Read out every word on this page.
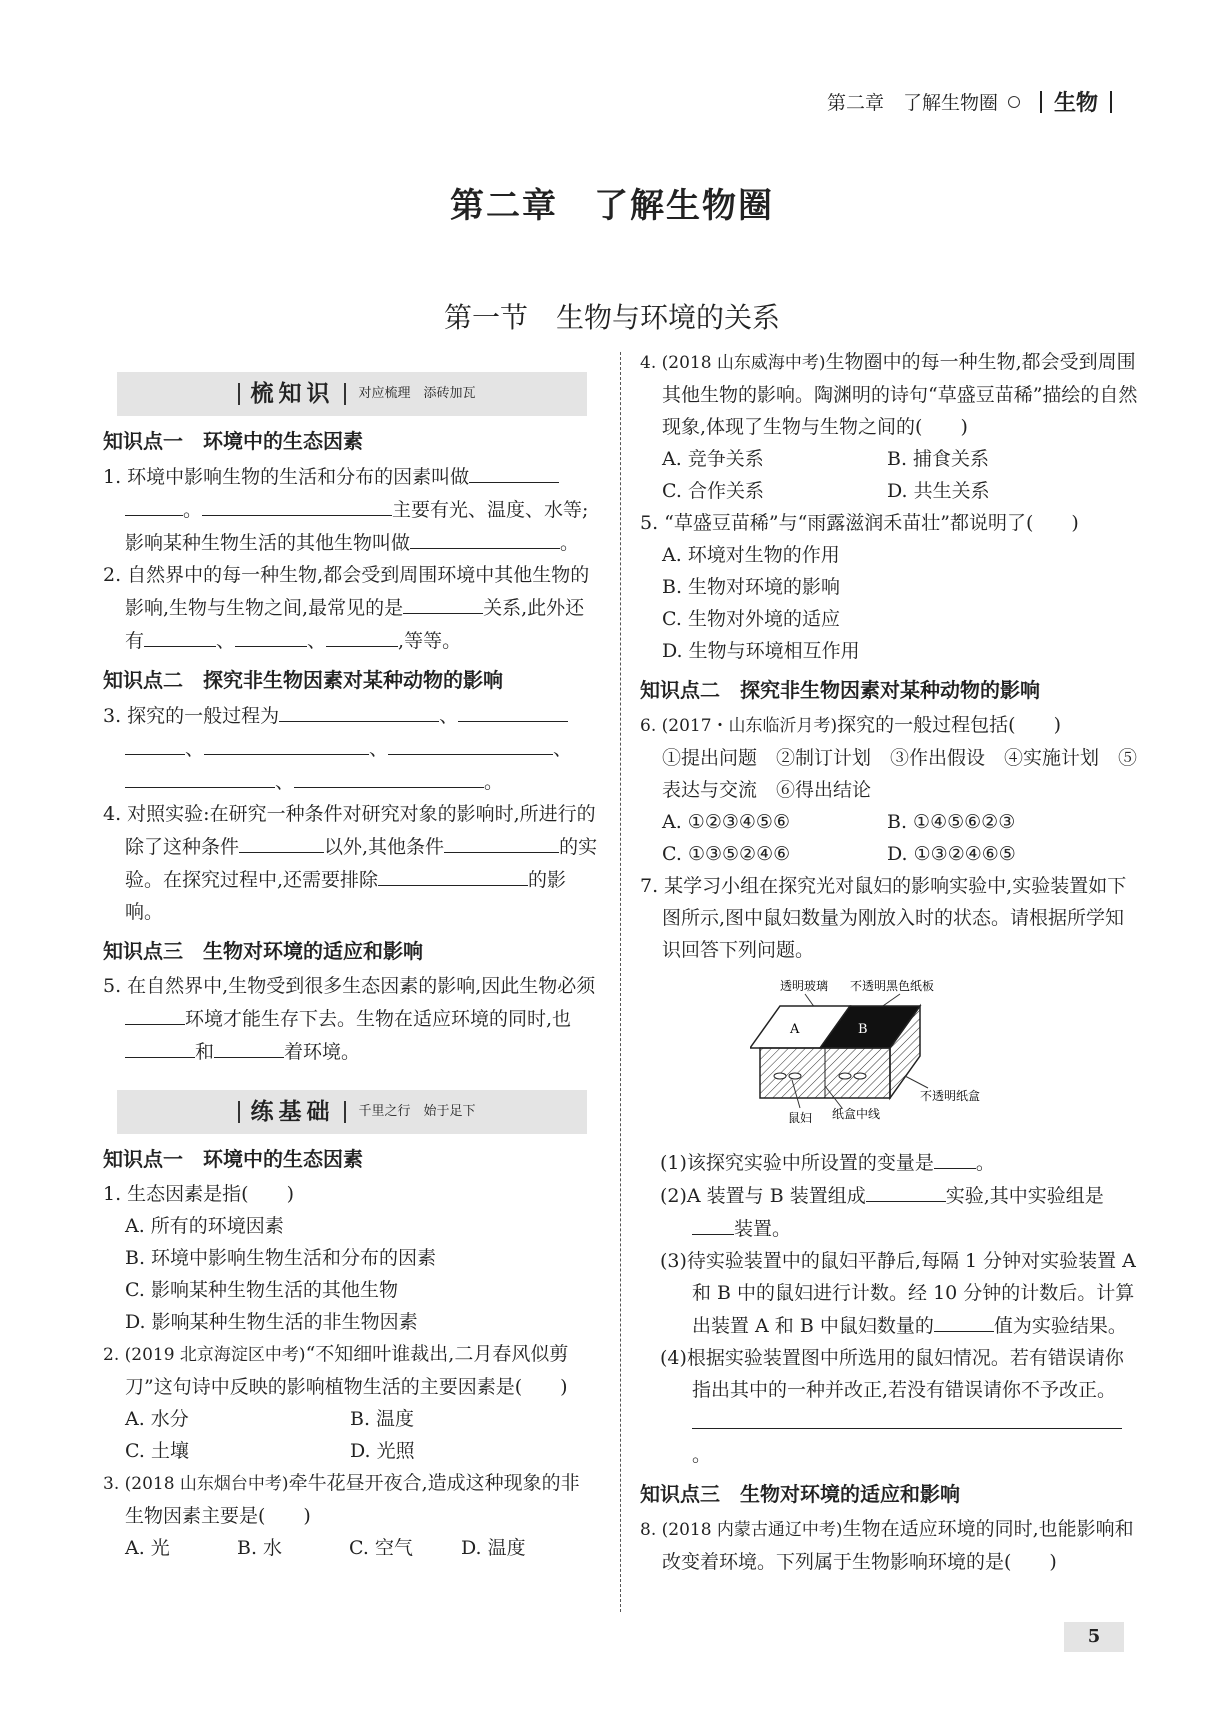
第二章　了解生物圈	生物
第二章　了解生物圈
第一节　生物与环境的关系
梳知识 对应梳理　添砖加瓦
知识点一　环境中的生态因素
1. 环境中影响生物的生活和分布的因素叫做。	主要有光、温度、水等;影响某种生物生活的其他生物叫做	。
2. 自然界中的每一种生物,都会受到周围环境中其他生物的影响,生物与生物之间,最常见的是	关系,此外还有	、	、	,等等。
知识点二　探究非生物因素对某种动物的影响
3. 探究的一般过程为	、、	、	、、	。
4. 对照实验:在研究一种条件对研究对象的影响时,所进行的除了这种条件	以外,其他条件	的实验。在探究过程中,还需要排除	的影响。
知识点三　生物对环境的适应和影响
5. 在自然界中,生物受到很多生态因素的影响,因此生物必须环境才能生存下去。生物在适应环境的同时,也和	着环境。
练基础 千里之行　始于足下
知识点一　环境中的生态因素
1. 生态因素是指(　　)
A. 所有的环境因素
B. 环境中影响生物生活和分布的因素
C. 影响某种生物生活的其他生物
D. 影响某种生物生活的非生物因素
2. (2019 北京海淀区中考)“不知细叶谁裁出,二月春风似剪刀”这句诗中反映的影响植物生活的主要因素是(　　)
A. 水分	B. 温度
C. 土壤	D. 光照
3. (2018 山东烟台中考)牵牛花昼开夜合,造成这种现象的非生物因素主要是(　　)
A. 光	B. 水	C. 空气	D. 温度
4. (2018 山东威海中考)生物圈中的每一种生物,都会受到周围其他生物的影响。陶渊明的诗句“草盛豆苗稀”描绘的自然现象,体现了生物与生物之间的(　　)
A. 竞争关系	B. 捕食关系
C. 合作关系	D. 共生关系
5. “草盛豆苗稀”与“雨露滋润禾苗壮”都说明了(　　)
A. 环境对生物的作用
B. 生物对环境的影响
C. 生物对外境的适应
D. 生物与环境相互作用
知识点二　探究非生物因素对某种动物的影响
6. (2017・山东临沂月考)探究的一般过程包括(　　)
①提出问题　②制订计划　③作出假设　④实施计划　⑤表达与交流　⑥得出结论
A. ①②③④⑤⑥	B. ①④⑤⑥②③
C. ①③⑤②④⑥	D. ①③②④⑥⑤
7. 某学习小组在探究光对鼠妇的影响实验中,实验装置如下图所示,图中鼠妇数量为刚放入时的状态。请根据所学知识回答下列问题。
透明玻璃 不透明黑色纸板
A	B
不透明纸盒
鼠妇 纸盒中线
(1)该探究实验中所设置的变量是 。
(2)A 装置与 B 装置组成	实验,其中实验组是装置。
(3)待实验装置中的鼠妇平静后,每隔 1 分钟对实验装置 A 和 B 中的鼠妇进行计数。经 10 分钟的计数后。计算出装置 A 和 B 中鼠妇数量的	值为实验结果。
(4)根据实验装置图中所选用的鼠妇情况。若有错误请你指出其中的一种并改正,若没有错误请你不予改正。。
知识点三　生物对环境的适应和影响
8. (2018 内蒙古通辽中考)生物在适应环境的同时,也能影响和改变着环境。下列属于生物影响环境的是(　　)
5
